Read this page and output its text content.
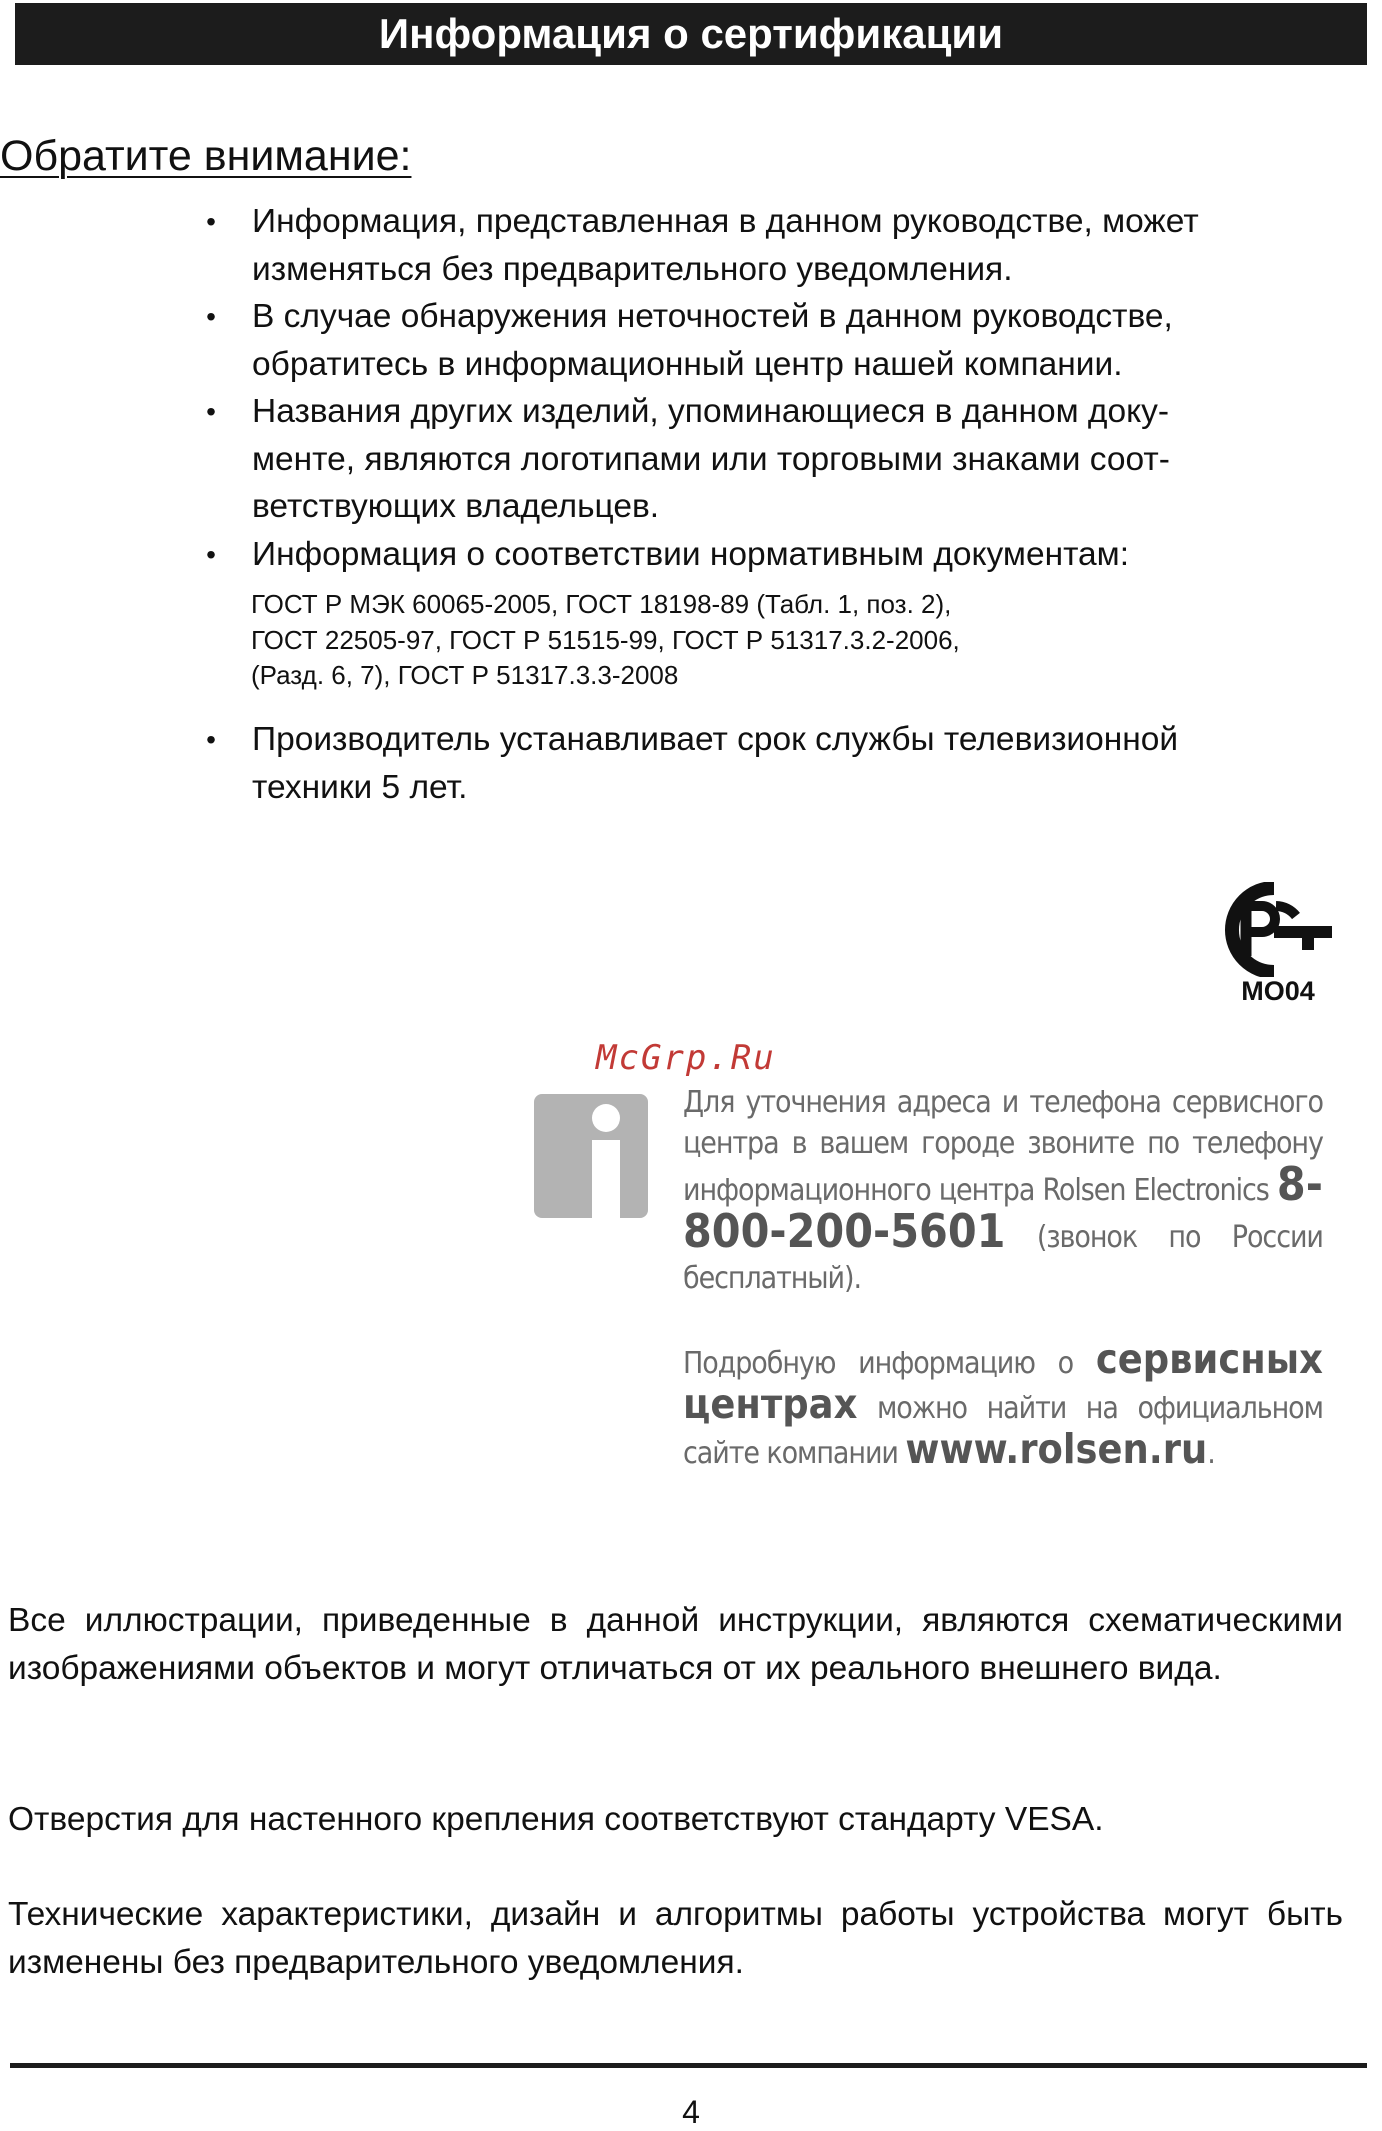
Информация о сертификации
Обратите внимание:
• Информация, представленная в данном руководстве, может
изменяться без предварительного уведомления.
• В случае обнаружения неточностей в данном руководстве,
обратитесь в информационный центр нашей компании.
• Названия других изделий, упоминающиеся в данном доку-
менте, являются логотипами или торговыми знаками соот-
ветствующих владельцев.
• Информация о соответствии нормативным документам:
ГОСТ Р МЭК 60065-2005, ГОСТ 18198-89 (Табл. 1, поз. 2),
ГОСТ 22505-97, ГОСТ Р 51515-99, ГОСТ Р 51317.3.2-2006,
(Разд. 6, 7), ГОСТ Р 51317.3.3-2008
• Производитель устанавливает срок службы телевизионной
техники 5 лет.
МО04
McGrp.Ru

Для уточнения адреса и телефона сервисного центра в вашем городе звоните по телефону информационного центра Rolsen Electronics 8-800-200-5601 (звонок по России бесплатный).

Подробную информацию о сервисных центрах можно найти на официальном сайте компании www.rolsen.ru.

Все иллюстрации, приведенные в данной инструкции, являются схематическими изображениями объектов и могут отличаться от их реального внешнего вида.
Отверстия для настенного крепления соответствуют стандарту VESA.
Технические характеристики, дизайн и алгоритмы работы устройства могут быть изменены без предварительного уведомления.
4
